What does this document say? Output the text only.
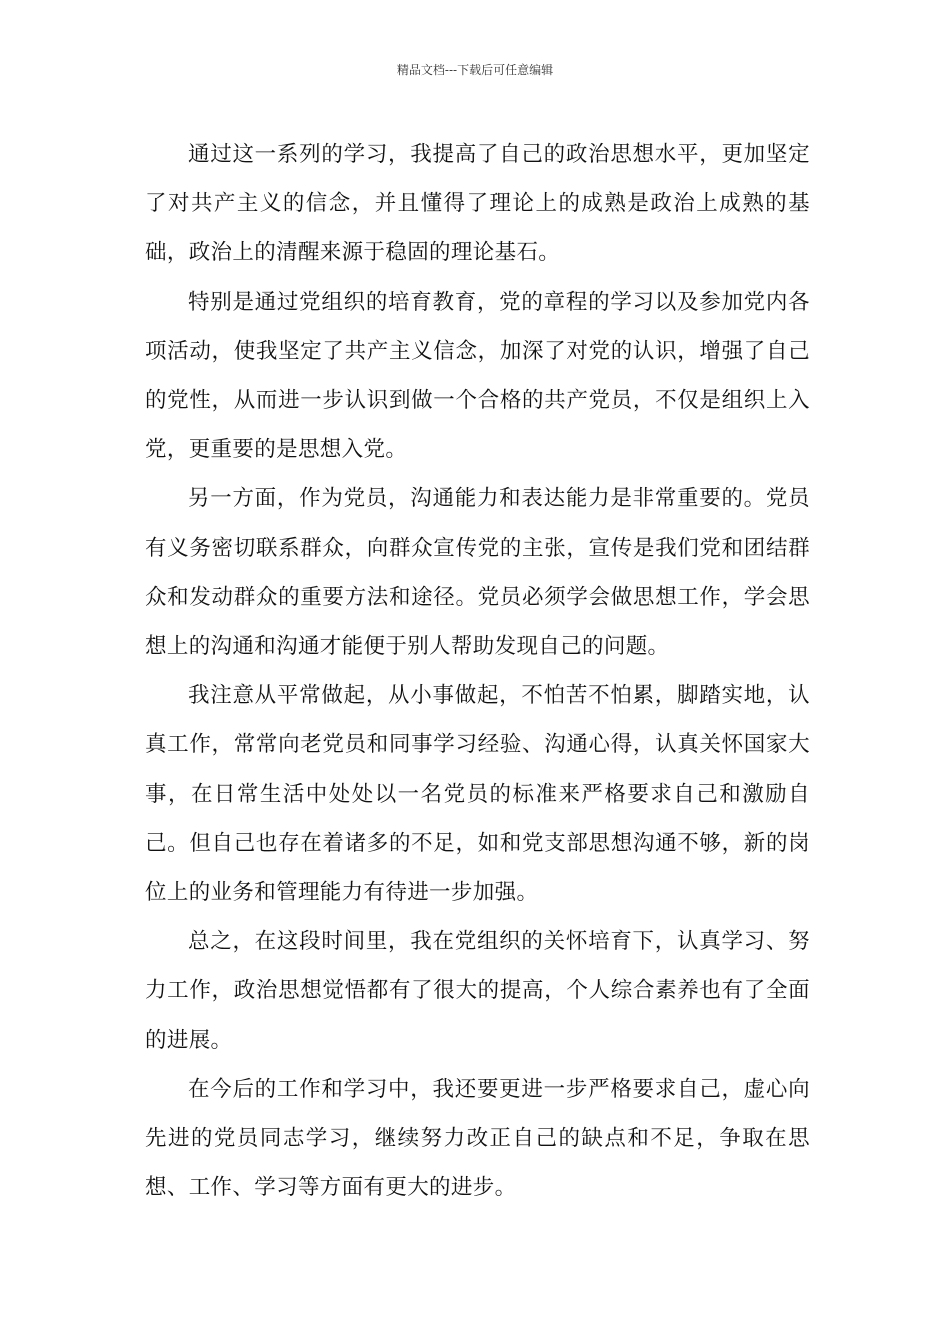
精品文档---下载后可任意编辑

通过这一系列的学习，我提高了自己的政治思想水平，更加坚定了对共产主义的信念，并且懂得了理论上的成熟是政治上成熟的基础，政治上的清醒来源于稳固的理论基石。

特别是通过党组织的培育教育，党的章程的学习以及参加党内各项活动，使我坚定了共产主义信念，加深了对党的认识，增强了自己的党性，从而进一步认识到做一个合格的共产党员，不仅是组织上入党，更重要的是思想入党。

另一方面，作为党员，沟通能力和表达能力是非常重要的。党员有义务密切联系群众，向群众宣传党的主张，宣传是我们党和团结群众和发动群众的重要方法和途径。党员必须学会做思想工作，学会思想上的沟通和沟通才能便于别人帮助发现自己的问题。

我注意从平常做起，从小事做起，不怕苦不怕累，脚踏实地，认真工作，常常向老党员和同事学习经验、沟通心得，认真关怀国家大事，在日常生活中处处以一名党员的标准来严格要求自己和激励自己。但自己也存在着诸多的不足，如和党支部思想沟通不够，新的岗位上的业务和管理能力有待进一步加强。

总之，在这段时间里，我在党组织的关怀培育下，认真学习、努力工作，政治思想觉悟都有了很大的提高，个人综合素养也有了全面的进展。

在今后的工作和学习中，我还要更进一步严格要求自己，虚心向先进的党员同志学习，继续努力改正自己的缺点和不足，争取在思想、工作、学习等方面有更大的进步。
